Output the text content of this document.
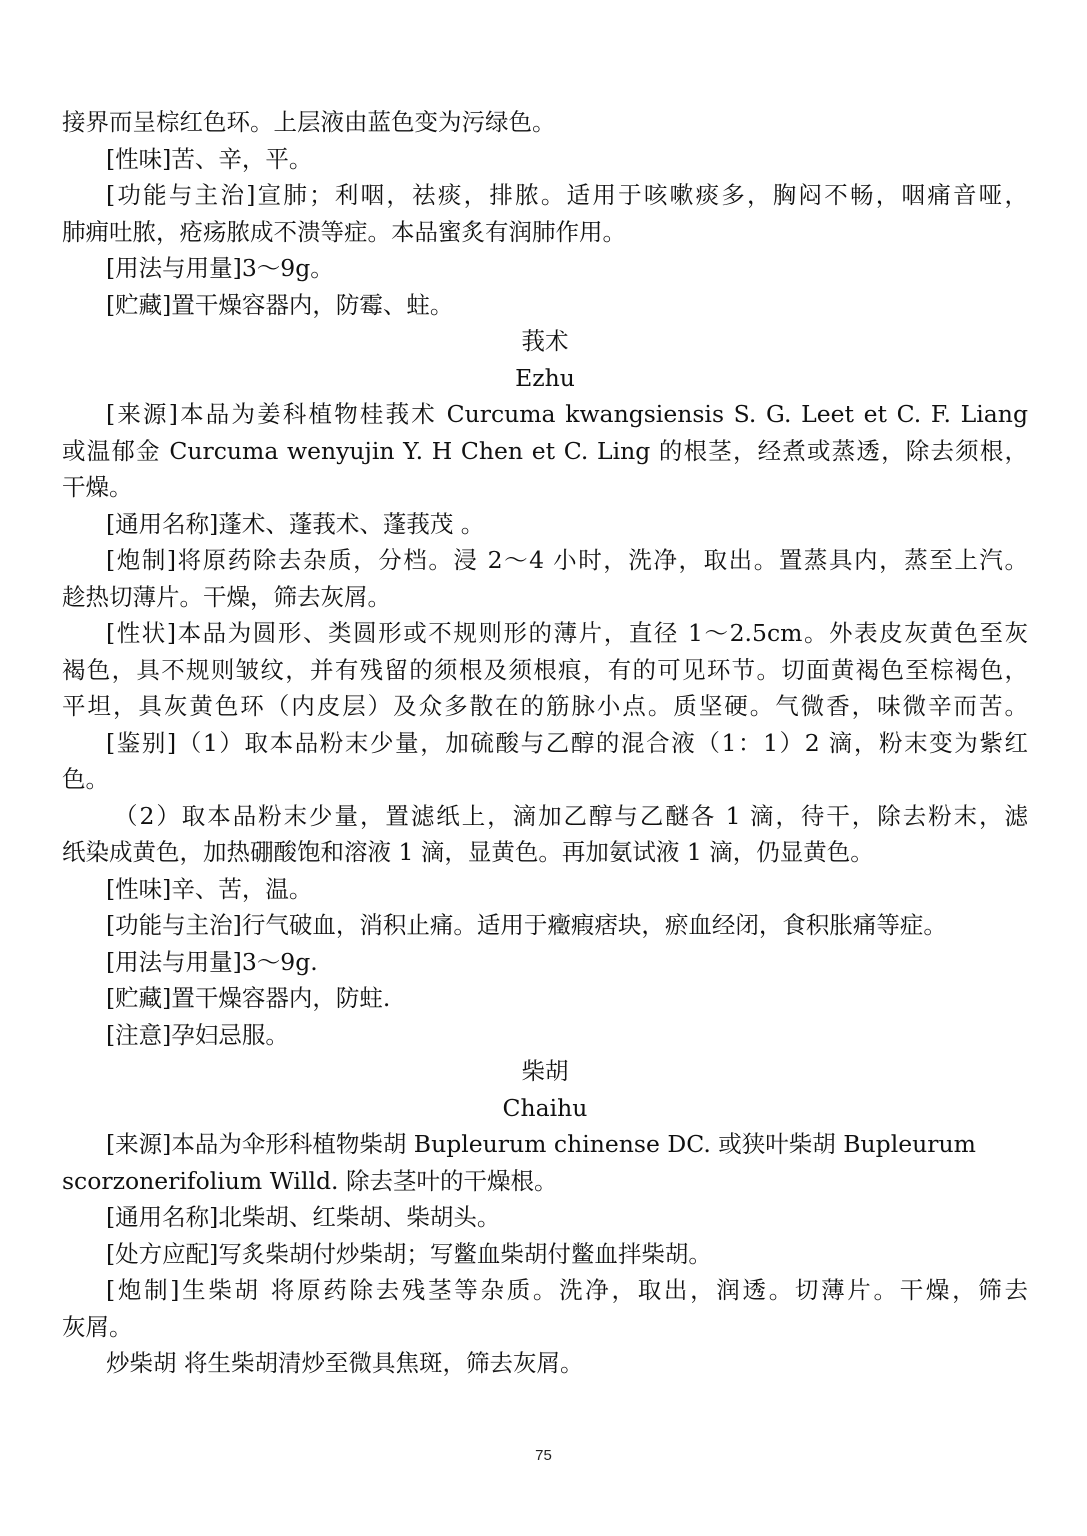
接界而呈棕红色环。上层液由蓝色变为污绿色。
[性味]苦、辛，平。
[功能与主治]宣肺；利咽，祛痰，排脓。适用于咳嗽痰多，胸闷不畅，咽痛音哑，
肺痈吐脓，疮疡脓成不溃等症。本品蜜炙有润肺作用。
[用法与用量]3～9g。
[贮藏]置干燥容器内，防霉、蛀。
莪术
Ezhu
[来源]本品为姜科植物桂莪术 Curcuma kwangsiensis S. G. Leet et C. F. Liang
或温郁金 Curcuma wenyujin Y. H Chen et C. Ling 的根茎，经煮或蒸透，除去须根，
干燥。
[通用名称]蓬术、蓬莪术、蓬莪茂 。
[炮制]将原药除去杂质，分档。浸 2～4 小时，洗净，取出。置蒸具内，蒸至上汽。
趁热切薄片。干燥，筛去灰屑。
[性状]本品为圆形、类圆形或不规则形的薄片，直径 1～2.5cm。外表皮灰黄色至灰
褐色，具不规则皱纹，并有残留的须根及须根痕，有的可见环节。切面黄褐色至棕褐色，
平坦，具灰黄色环（内皮层）及众多散在的筋脉小点。质坚硬。气微香，味微辛而苦。
[鉴别]（1）取本品粉末少量，加硫酸与乙醇的混合液（1：1）2 滴，粉末变为紫红
色。
（2）取本品粉末少量，置滤纸上，滴加乙醇与乙醚各 1 滴，待干，除去粉末，滤
纸染成黄色，加热硼酸饱和溶液 1 滴，显黄色。再加氨试液 1 滴，仍显黄色。
[性味]辛、苦，温。
[功能与主治]行气破血，消积止痛。适用于癥瘕痞块，瘀血经闭，食积胀痛等症。
[用法与用量]3～9g.
[贮藏]置干燥容器内，防蛀.
[注意]孕妇忌服。
柴胡
Chaihu
[来源]本品为伞形科植物柴胡 Bupleurum chinense DC. 或狭叶柴胡 Bupleurum
scorzonerifolium Willd. 除去茎叶的干燥根。
[通用名称]北柴胡、红柴胡、柴胡头。
[处方应配]写炙柴胡付炒柴胡；写鳖血柴胡付鳖血拌柴胡。
[炮制]生柴胡 将原药除去残茎等杂质。洗净，取出，润透。切薄片。干燥，筛去
灰屑。
炒柴胡 将生柴胡清炒至微具焦斑，筛去灰屑。
75
